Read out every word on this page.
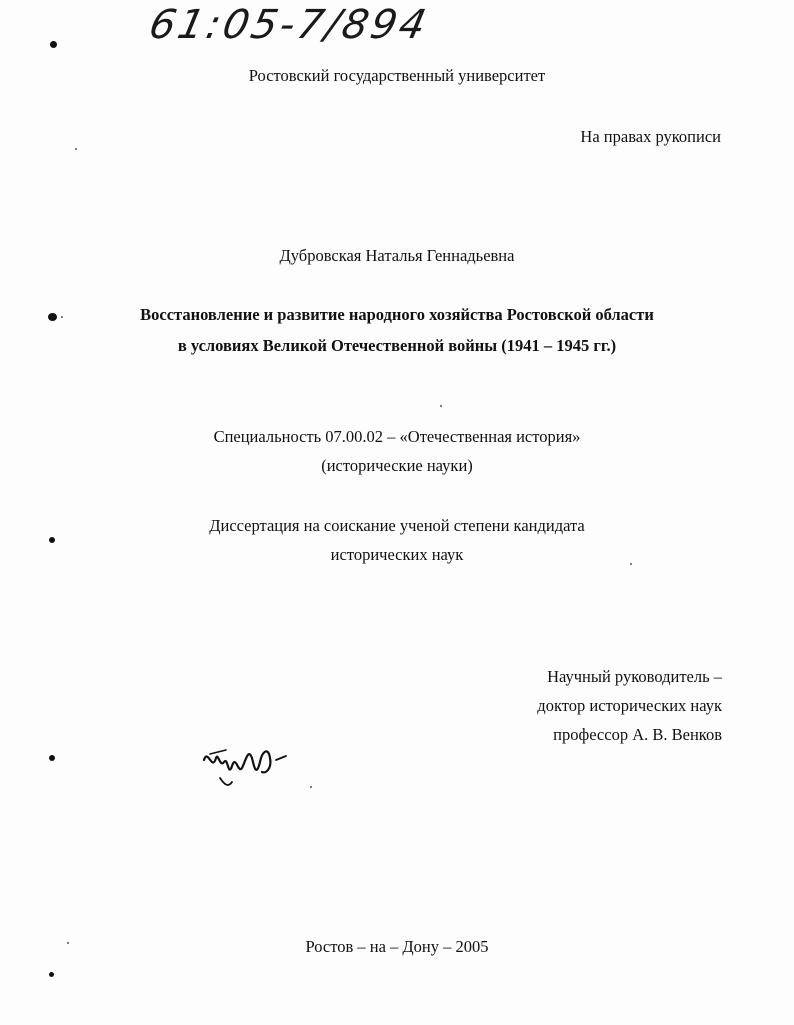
61:05-7/894
Ростовский государственный университет
На правах рукописи
Дубровская Наталья Геннадьевна
Восстановление и развитие народного хозяйства Ростовской области
в условиях Великой Отечественной войны (1941 – 1945 гг.)
Специальность 07.00.02 – «Отечественная история»
(исторические науки)
Диссертация на соискание ученой степени кандидата
исторических наук
Научный руководитель –
доктор исторических наук
профессор А. В. Венков
Ростов – на – Дону – 2005
